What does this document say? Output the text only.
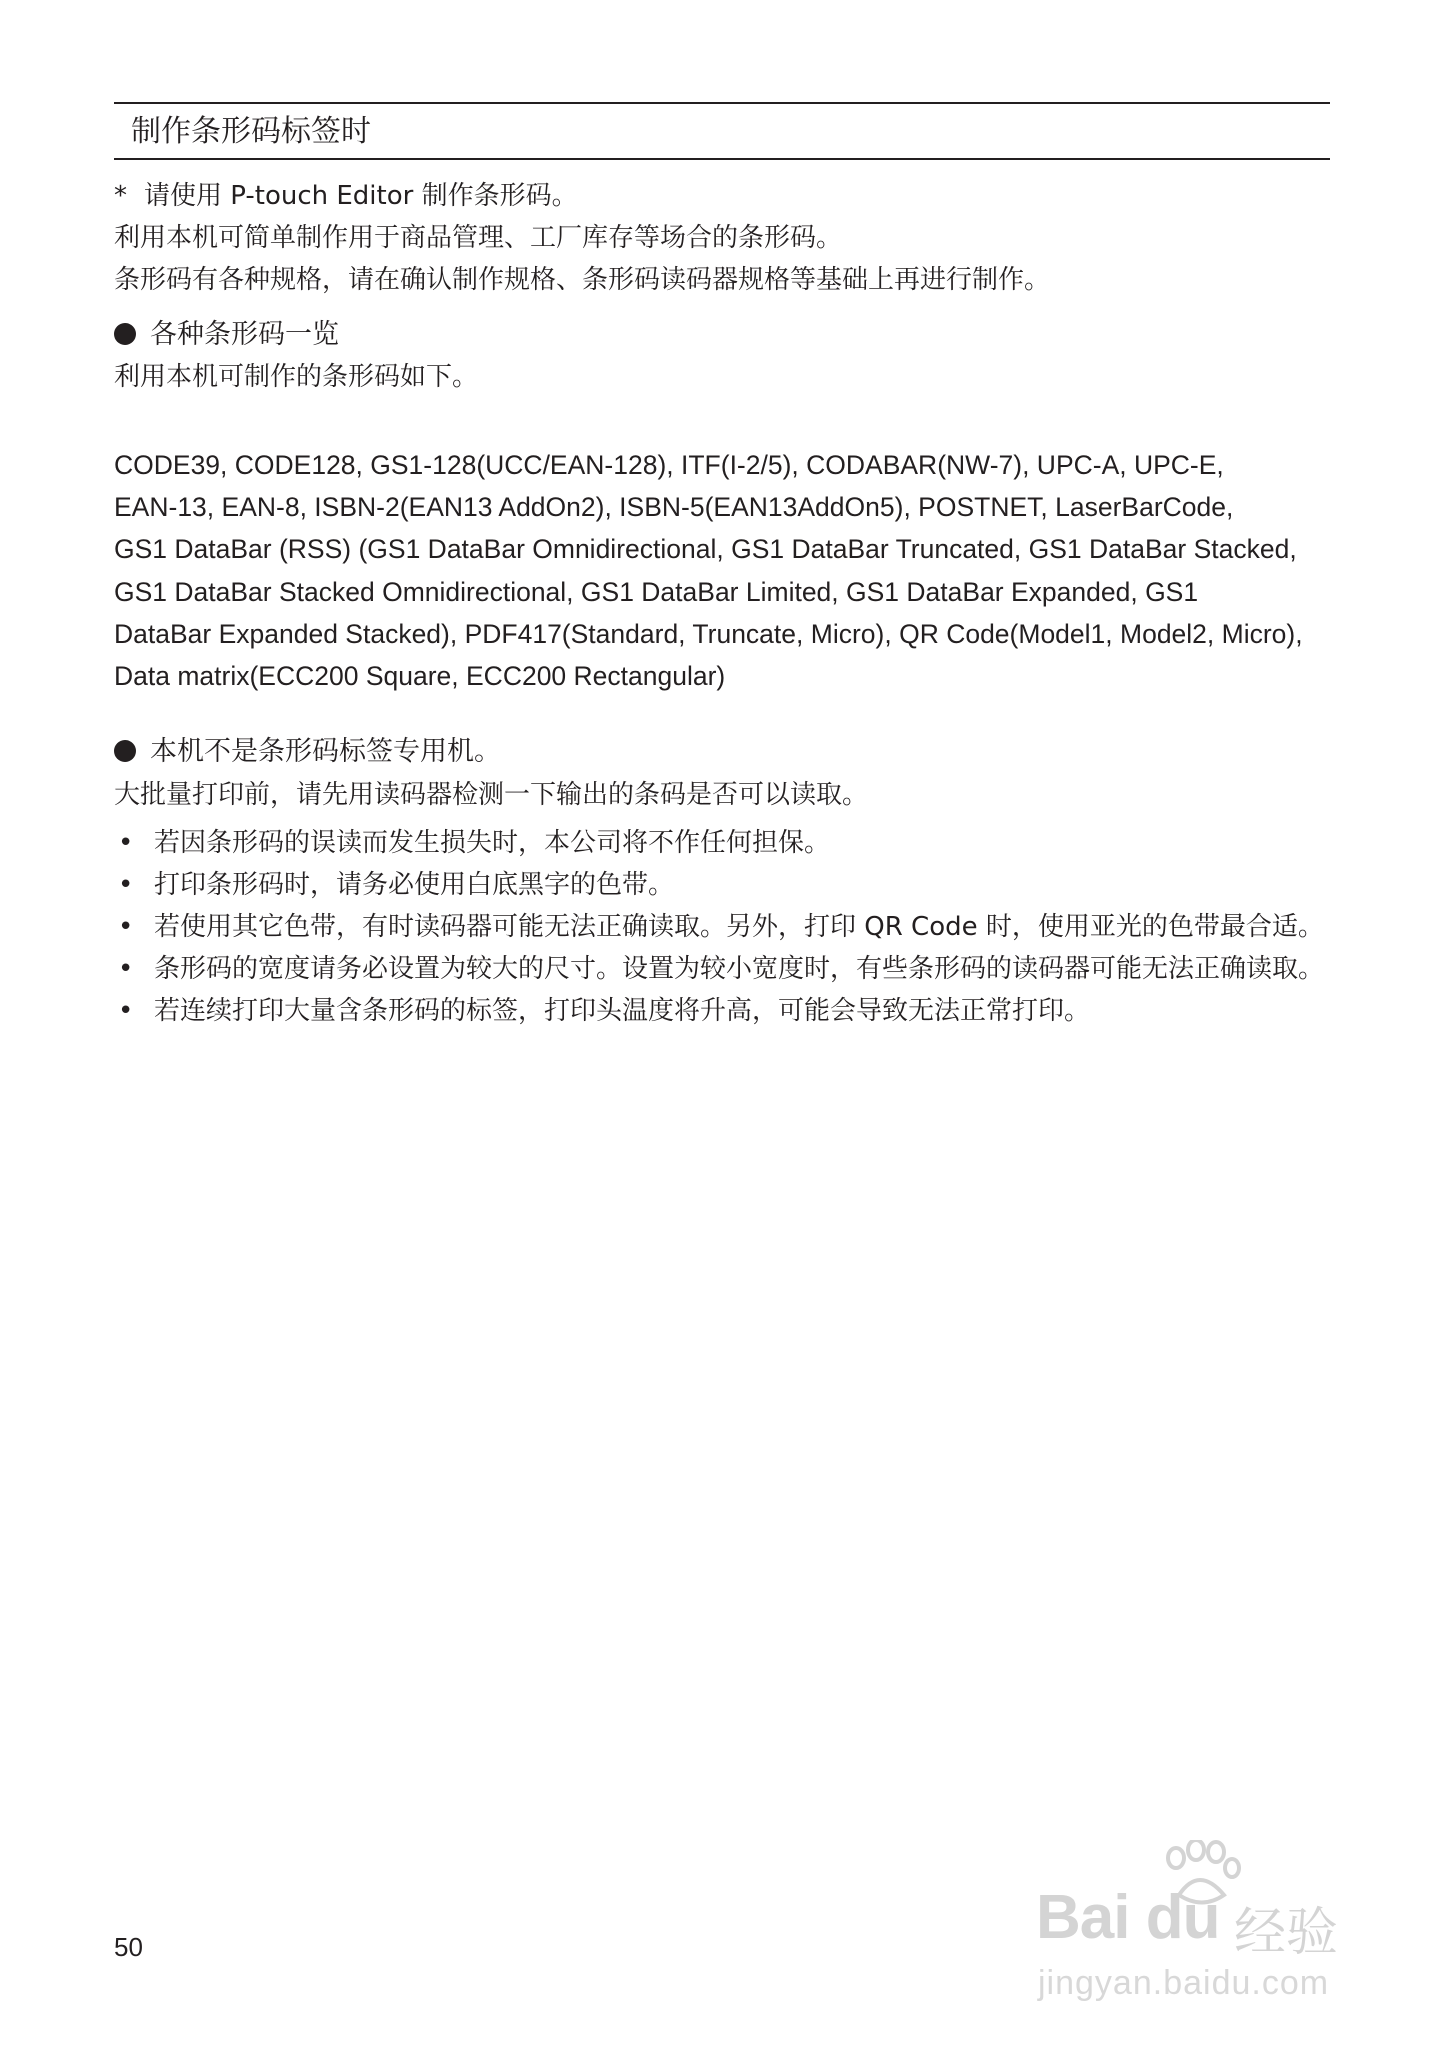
制作条形码标签时
* 请使用 P-touch Editor 制作条形码。
利用本机可简单制作用于商品管理、工厂库存等场合的条形码。
条形码有各种规格，请在确认制作规格、条形码读码器规格等基础上再进行制作。
各种条形码一览
利用本机可制作的条形码如下。
CODE39, CODE128, GS1-128(UCC/EAN-128), ITF(I-2/5), CODABAR(NW-7), UPC-A, UPC-E,
EAN-13, EAN-8, ISBN-2(EAN13 AddOn2), ISBN-5(EAN13AddOn5), POSTNET, LaserBarCode,
GS1 DataBar (RSS) (GS1 DataBar Omnidirectional, GS1 DataBar Truncated, GS1 DataBar Stacked,
GS1 DataBar Stacked Omnidirectional, GS1 DataBar Limited, GS1 DataBar Expanded, GS1
DataBar Expanded Stacked), PDF417(Standard, Truncate, Micro), QR Code(Model1, Model2, Micro),
Data matrix(ECC200 Square, ECC200 Rectangular)
本机不是条形码标签专用机。
大批量打印前，请先用读码器检测一下输出的条码是否可以读取。
• 若因条形码的误读而发生损失时，本公司将不作任何担保。
• 打印条形码时，请务必使用白底黑字的色带。
• 若使用其它色带，有时读码器可能无法正确读取。另外，打印 QR Code 时，使用亚光的色带最合适。
• 条形码的宽度请务必设置为较大的尺寸。设置为较小宽度时，有些条形码的读码器可能无法正确读取。
• 若连续打印大量含条形码的标签，打印头温度将升高，可能会导致无法正常打印。
50	Bai du 经验
jingyan.baidu.com
